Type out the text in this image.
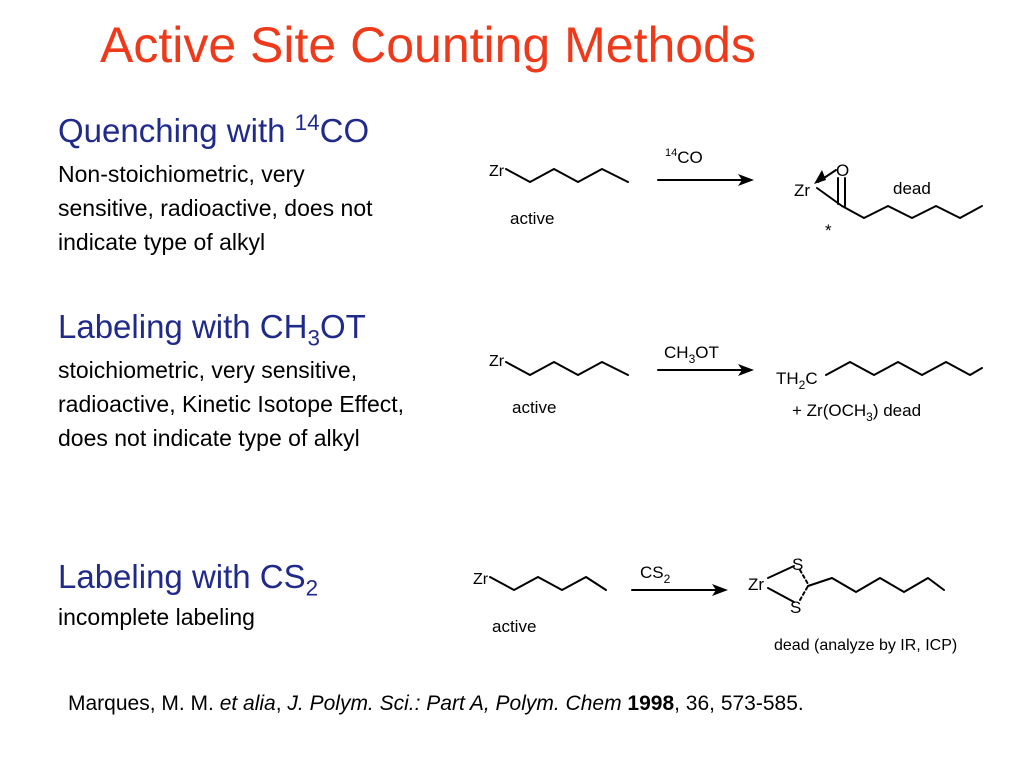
Active Site Counting Methods
Quenching with $^{14}$CO
Non-stoichiometric, very
sensitive, radioactive, does not
indicate type of alkyl
Labeling with $CH_3OT$
stoichiometric, very sensitive,
radioactive, Kinetic Isotope Effect,
does not indicate type of alkyl
Labeling with $CS_2$
incomplete labeling
Zr
active
$^{14}$CO
Zr
O
dead
*
Zr
active
$CH_3OT$
$TH_2C$
+ $Zr(OCH_3)$ dead
Zr
active
$CS_2$	Zr
S
S
dead (analyze by IR, ICP)
Marques, M. M. et alia, J. Polym. Sci.: Part A, Polym. Chem 1998, 36, 573-585.
